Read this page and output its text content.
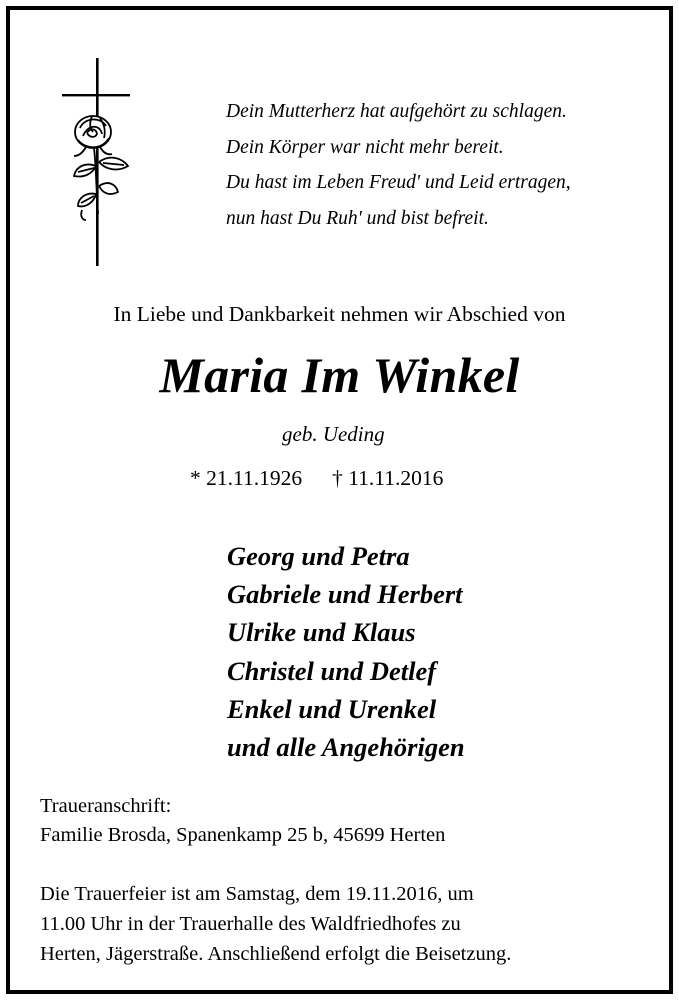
Dein Mutterherz hat aufgehört zu schlagen.
Dein Körper war nicht mehr bereit.
Du hast im Leben Freud' und Leid ertragen,
nun hast Du Ruh' und bist befreit.
In Liebe und Dankbarkeit nehmen wir Abschied von
Maria Im Winkel
geb. Ueding
* 21.11.1926 † 11.11.2016
Georg und Petra
Gabriele und Herbert
Ulrike und Klaus
Christel und Detlef
Enkel und Urenkel
und alle Angehörigen
Traueranschrift:
Familie Brosda, Spanenkamp 25 b, 45699 Herten
Die Trauerfeier ist am Samstag, dem 19.11.2016, um
11.00 Uhr in der Trauerhalle des Waldfriedhofes zu
Herten, Jägerstraße. Anschließend erfolgt die Beisetzung.
